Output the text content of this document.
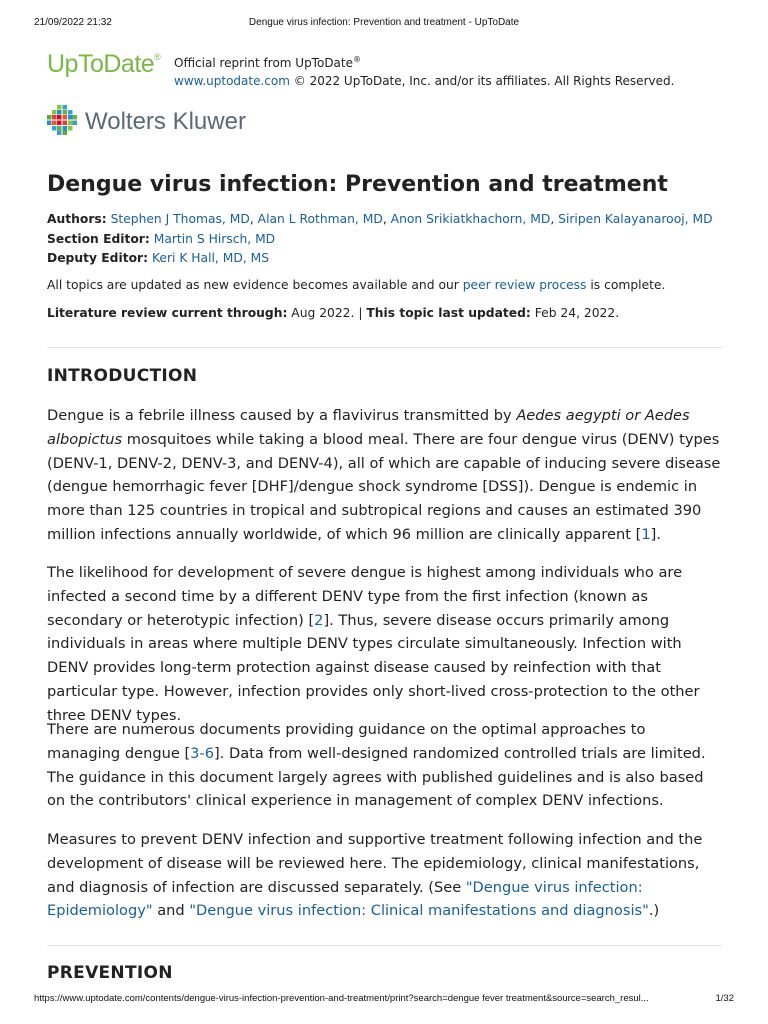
21/09/2022 21:32	Dengue virus infection: Prevention and treatment - UpToDate
UpToDate® Official reprint from UpToDate®
www.uptodate.com © 2022 UpToDate, Inc. and/or its affiliates. All Rights Reserved.
Wolters Kluwer
Dengue virus infection: Prevention and treatment
Authors: Stephen J Thomas, MD, Alan L Rothman, MD, Anon Srikiatkhachorn, MD, Siripen Kalayanarooj, MD
Section Editor: Martin S Hirsch, MD
Deputy Editor: Keri K Hall, MD, MS
All topics are updated as new evidence becomes available and our peer review process is complete.
Literature review current through: Aug 2022. | This topic last updated: Feb 24, 2022.
INTRODUCTION

Dengue is a febrile illness caused by a flavivirus transmitted by Aedes aegypti or Aedes albopictus mosquitoes while taking a blood meal. There are four dengue virus (DENV) types (DENV-1, DENV-2, DENV-3, and DENV-4), all of which are capable of inducing severe disease (dengue hemorrhagic fever [DHF]/dengue shock syndrome [DSS]). Dengue is endemic in more than 125 countries in tropical and subtropical regions and causes an estimated 390 million infections annually worldwide, of which 96 million are clinically apparent [1].

The likelihood for development of severe dengue is highest among individuals who are infected a second time by a different DENV type from the first infection (known as secondary or heterotypic infection) [2]. Thus, severe disease occurs primarily among individuals in areas where multiple DENV types circulate simultaneously. Infection with DENV provides long-term protection against disease caused by reinfection with that particular type. However, infection provides only short-lived cross-protection to the other three DENV types.

There are numerous documents providing guidance on the optimal approaches to managing dengue [3-6]. Data from well-designed randomized controlled trials are limited. The guidance in this document largely agrees with published guidelines and is also based on the contributors' clinical experience in management of complex DENV infections.

Measures to prevent DENV infection and supportive treatment following infection and the development of disease will be reviewed here. The epidemiology, clinical manifestations, and diagnosis of infection are discussed separately. (See "Dengue virus infection: Epidemiology" and "Dengue virus infection: Clinical manifestations and diagnosis".)

PREVENTION
https://www.uptodate.com/contents/dengue-virus-infection-prevention-and-treatment/print?search=dengue fever treatment&source=search_resul...	1/32
